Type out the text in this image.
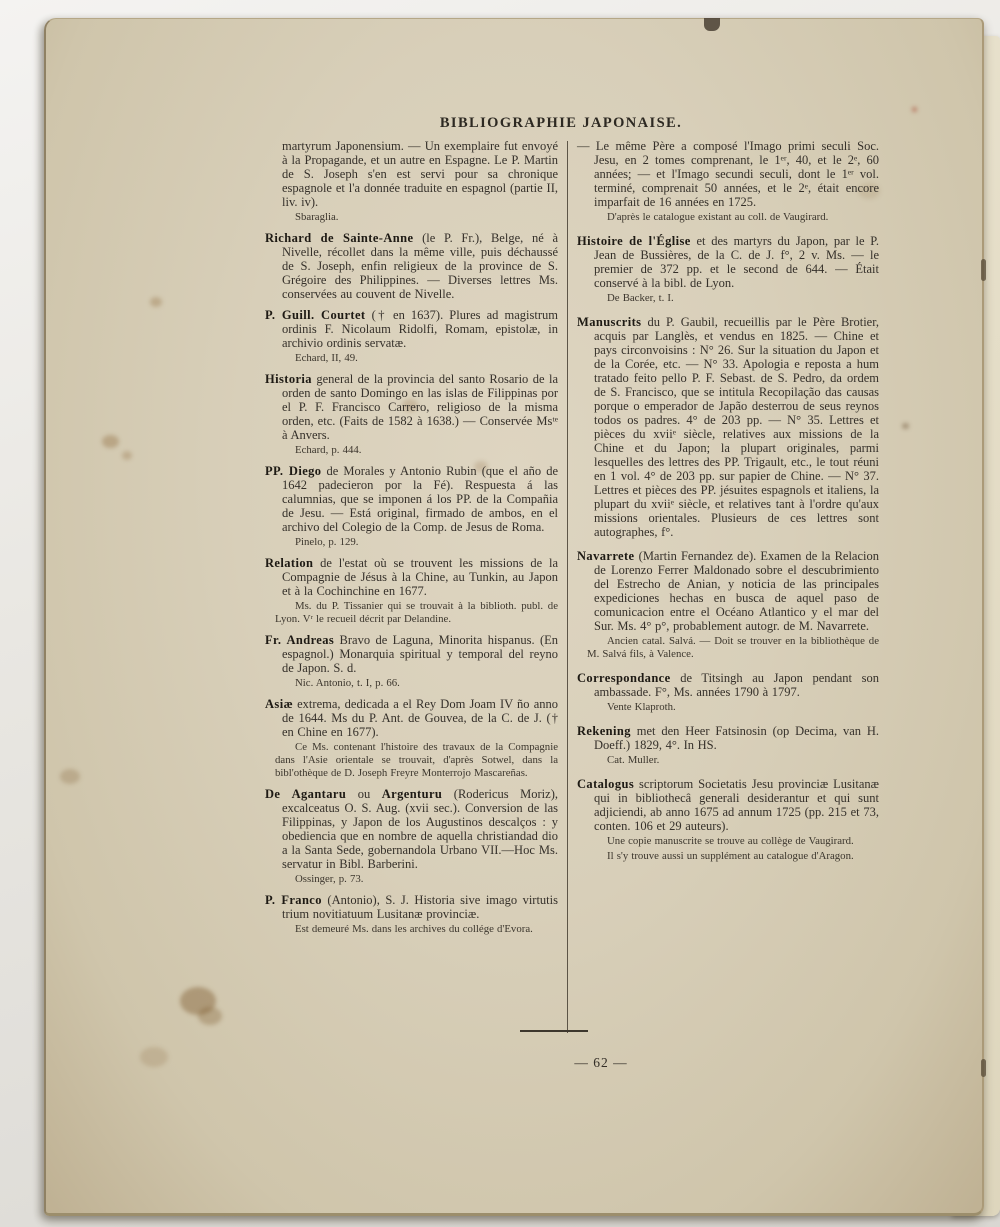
BIBLIOGRAPHIE JAPONAISE.

martyrum Japonensium. — Un exemplaire fut envoyé à la Propagande, et un autre en Espagne. Le P. Martin de S. Joseph s'en est servi pour sa chronique espagnole et l'a donnée traduite en espagnol (partie II, liv. iv).

Sbaraglia.

Richard de Sainte-Anne (le P. Fr.), Belge, né à Nivelle, récollet dans la même ville, puis déchaussé de S. Joseph, enfin religieux de la province de S. Grégoire des Philippines. — Diverses lettres Ms. conservées au couvent de Nivelle.

P. Guill. Courtet († en 1637). Plures ad magistrum ordinis F. Nicolaum Ridolfi, Romam, epistolæ, in archivio ordinis servatæ.

Echard, II, 49.

Historia general de la provincia del santo Rosario de la orden de santo Domingo en las islas de Filippinas por el P. F. Francisco Carrero, religioso de la misma orden, etc. (Faits de 1582 à 1638.) — Conservée Msᵗᵉ à Anvers.

Echard, p. 444.

PP. Diego de Morales y Antonio Rubin (que el año de 1642 padecieron por la Fé). Respuesta á las calumnias, que se imponen á los PP. de la Compañia de Jesu. — Está original, firmado de ambos, en el archivo del Colegio de la Comp. de Jesus de Roma.

Pinelo, p. 129.

Relation de l'estat où se trouvent les missions de la Compagnie de Jésus à la Chine, au Tunkin, au Japon et à la Cochinchine en 1677.

Ms. du P. Tissanier qui se trouvait à la biblioth. publ. de Lyon. Vʳ le recueil décrit par Delandine.

Fr. Andreas Bravo de Laguna, Minorita hispanus. (En espagnol.) Monarquia spiritual y temporal del reyno de Japon. S. d.

Nic. Antonio, t. I, p. 66.

Asiæ extrema, dedicada a el Rey Dom Joam IV ño anno de 1644. Ms du P. Ant. de Gouvea, de la C. de J. († en Chine en 1677).

Ce Ms. contenant l'histoire des travaux de la Compagnie dans l'Asie orientale se trouvait, d'après Sotwel, dans la bibl'othèque de D. Joseph Freyre Monterrojo Mascareñas.

De Agantaru ou Argenturu (Rodericus Moriz), excalceatus O. S. Aug. (xvii sec.). Conversion de las Filippinas, y Japon de los Augustinos descalços : y obediencia que en nombre de aquella christiandad dio a la Santa Sede, gobernandola Urbano VII.—Hoc Ms. servatur in Bibl. Barberini.

Ossinger, p. 73.

P. Franco (Antonio), S. J. Historia sive imago virtutis trium novitiatuum Lusitanæ provinciæ.

Est demeuré Ms. dans les archives du collége d'Evora.

— Le même Père a composé l'Imago primi seculi Soc. Jesu, en 2 tomes comprenant, le 1ᵉʳ, 40, et le 2ᵉ, 60 années; — et l'Imago secundi seculi, dont le 1ᵉʳ vol. terminé, comprenait 50 années, et le 2ᵉ, était encore imparfait de 16 années en 1725.

D'après le catalogue existant au coll. de Vaugirard.

Histoire de l'Église et des martyrs du Japon, par le P. Jean de Bussières, de la C. de J. f°, 2 v. Ms. — le premier de 372 pp. et le second de 644. — Était conservé à la bibl. de Lyon.

De Backer, t. I.

Manuscrits du P. Gaubil, recueillis par le Père Brotier, acquis par Langlès, et vendus en 1825. — Chine et pays circonvoisins : N° 26. Sur la situation du Japon et de la Corée, etc. — N° 33. Apologia e reposta a hum tratado feito pello P. F. Sebast. de S. Pedro, da ordem de S. Francisco, que se intitula Recopilação das causas porque o emperador de Japão desterrou de seus reynos todos os padres. 4° de 203 pp. — N° 35. Lettres et pièces du xviiᵉ siècle, relatives aux missions de la Chine et du Japon; la plupart originales, parmi lesquelles des lettres des PP. Trigault, etc., le tout réuni en 1 vol. 4° de 203 pp. sur papier de Chine. — N° 37. Lettres et pièces des PP. jésuites espagnols et italiens, la plupart du xviiᵉ siècle, et relatives tant à l'ordre qu'aux missions orientales. Plusieurs de ces lettres sont autographes, f°.

Navarrete (Martin Fernandez de). Examen de la Relacion de Lorenzo Ferrer Maldonado sobre el descubrimiento del Estrecho de Anian, y noticia de las principales expediciones hechas en busca de aquel paso de comunicacion entre el Océano Atlantico y el mar del Sur. Ms. 4° p°, probablement autogr. de M. Navarrete.

Ancien catal. Salvá. — Doit se trouver en la bibliothèque de M. Salvá fils, à Valence.

Correspondance de Titsingh au Japon pendant son ambassade. F°, Ms. années 1790 à 1797.

Vente Klaproth.

Rekening met den Heer Fatsinosin (op Decima, van H. Doeff.) 1829, 4°. In HS.

Cat. Muller.

Catalogus scriptorum Societatis Jesu provinciæ Lusitanæ qui in bibliothecâ generali desiderantur et qui sunt adjiciendi, ab anno 1675 ad annum 1725 (pp. 215 et 73, conten. 106 et 29 auteurs).

Une copie manuscrite se trouve au collège de Vaugirard.

Il s'y trouve aussi un supplément au catalogue d'Aragon.

— 62 —
